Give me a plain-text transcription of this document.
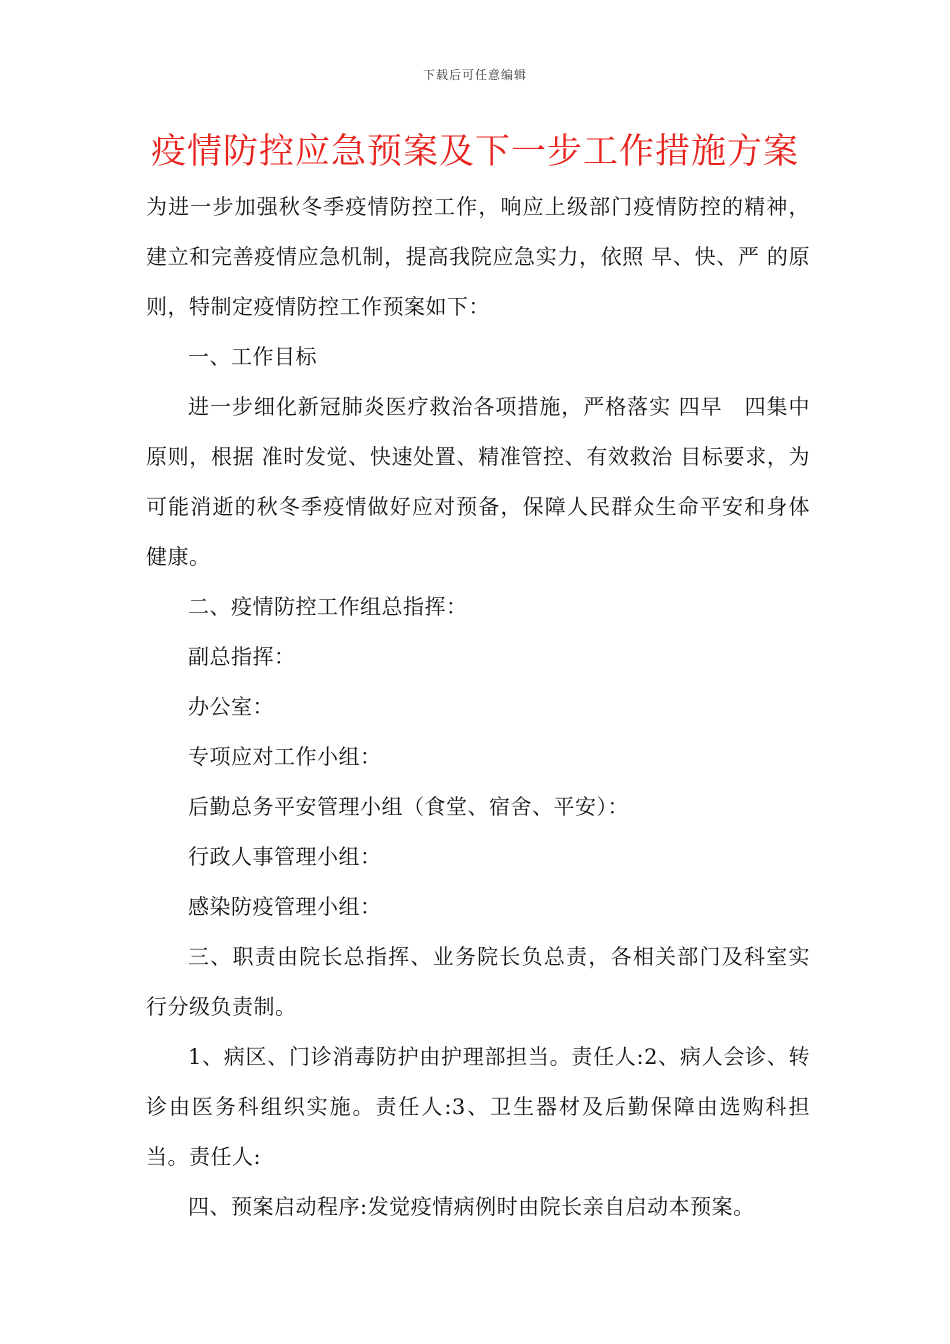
下载后可任意编辑
疫情防控应急预案及下一步工作措施方案

为进一步加强秋冬季疫情防控工作，响应上级部门疫情防控的精神，建立和完善疫情应急机制，提高我院应急实力，依照 早、快、严 的原则，特制定疫情防控工作预案如下：

一、工作目标

进一步细化新冠肺炎医疗救治各项措施，严格落实 四早　四集中 原则，根据 准时发觉、快速处置、精准管控、有效救治 目标要求，为可能消逝的秋冬季疫情做好应对预备，保障人民群众生命平安和身体健康。

二、疫情防控工作组总指挥：

副总指挥：

办公室：

专项应对工作小组：

后勤总务平安管理小组（食堂、宿舍、平安）：

行政人事管理小组：

感染防疫管理小组：

三、职责由院长总指挥、业务院长负总责，各相关部门及科室实行分级负责制。

1、病区、门诊消毒防护由护理部担当。责任人:2、病人会诊、转诊由医务科组织实施。责任人:3、卫生器材及后勤保障由选购科担当。责任人:

四、预案启动程序:发觉疫情病例时由院长亲自启动本预案。
